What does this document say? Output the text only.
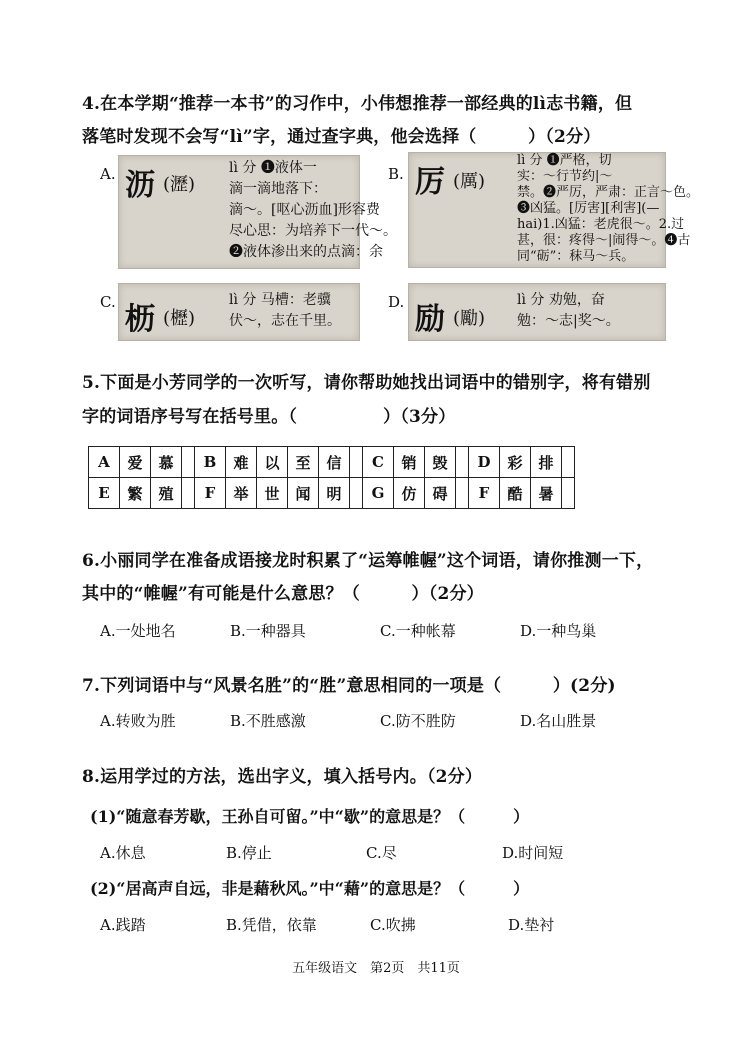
4.在本学期“推荐一本书”的习作中，小伟想推荐一部经典的lì志书籍，但
落笔时发现不会写“lì”字，通过查字典，他会选择（　　　）（2分）
A. 沥 (瀝)
lì 分 ❶液体一
滴一滴地落下：
滴～。[呕心沥血]形容费
尽心思：为培养下一代～。
❷液体渗出来的点滴：余
B. 厉 (厲)
lì 分 ❶严格，切
实：～行节约|～
禁。❷严厉，严肃：正言～色。
❸凶猛。[厉害][利害](—
hai)1.凶猛：老虎很～。2.过
甚，很：疼得～|闹得～。❹古
同“砺”：秣马～兵。
C. 枥 (櫪)
lì 分 马槽：老骥
伏～，志在千里。
D. 励 (勵)
lì 分 劝勉，奋
勉：～志|奖～。
5.下面是小芳同学的一次听写，请你帮助她找出词语中的错别字，将有错别
字的词语序号写在括号里。（　　　　　）（3分）
A	爱	慕		B	难	以	至	信		C	销	毁		D	彩	排	
E	繁	殖		F	举	世	闻	明		G	仿	碍		F	酷	暑	
6.小丽同学在准备成语接龙时积累了“运筹帷幄”这个词语，请你推测一下，
其中的“帷幄”有可能是什么意思？（　　　）（2分）
A.一处地名	B.一种器具	C.一种帐幕	D.一种鸟巢
7.下列词语中与“风景名胜”的“胜”意思相同的一项是（　　　）(2分)
A.转败为胜	B.不胜感激	C.防不胜防	D.名山胜景
8.运用学过的方法，选出字义，填入括号内。（2分）
(1)“随意春芳歇，王孙自可留。”中“歇”的意思是？（　　　）
A.休息	B.停止	C.尽	D.时间短
(2)“居高声自远，非是藉秋风。”中“藉”的意思是？（　　　）
A.践踏	B.凭借，依靠	C.吹拂	D.垫衬
五年级语文　第2页　共11页
